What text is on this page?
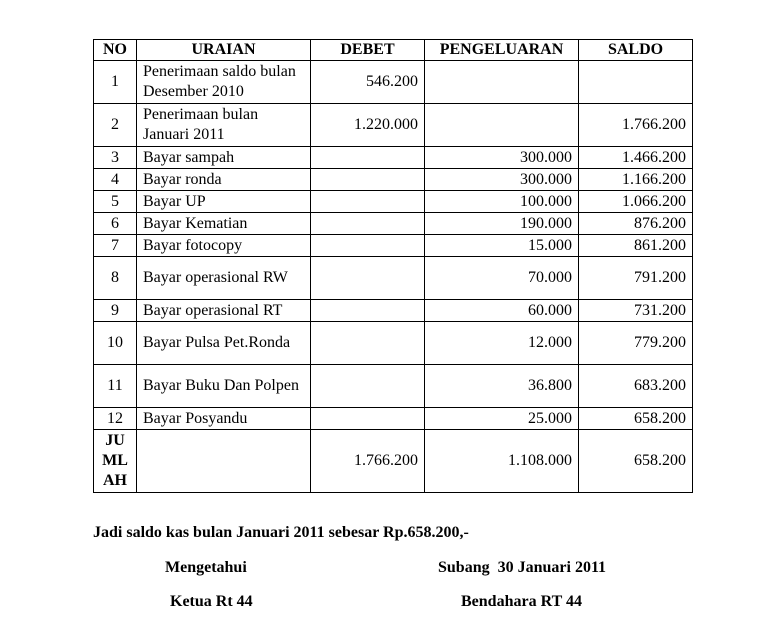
NO	URAIAN	DEBET	PENGELUARAN	SALDO
1	Penerimaan saldo bulan Desember 2010	546.200		
2	Penerimaan bulan Januari 2011	1.220.000		1.766.200
3	Bayar sampah		300.000	1.466.200
4	Bayar ronda		300.000	1.166.200
5	Bayar UP		100.000	1.066.200
6	Bayar Kematian		190.000	876.200
7	Bayar fotocopy		15.000	861.200
8	Bayar operasional RW		70.000	791.200
9	Bayar operasional RT		60.000	731.200
10	Bayar Pulsa Pet.Ronda		12.000	779.200
11	Bayar Buku Dan Polpen		36.800	683.200
12	Bayar Posyandu		25.000	658.200
JUMLAH		1.766.200	1.108.000	658.200
Jadi saldo kas bulan Januari 2011 sebesar Rp.658.200,-
Mengetahui	Subang  30 Januari 2011
Ketua Rt 44	Bendahara RT 44
